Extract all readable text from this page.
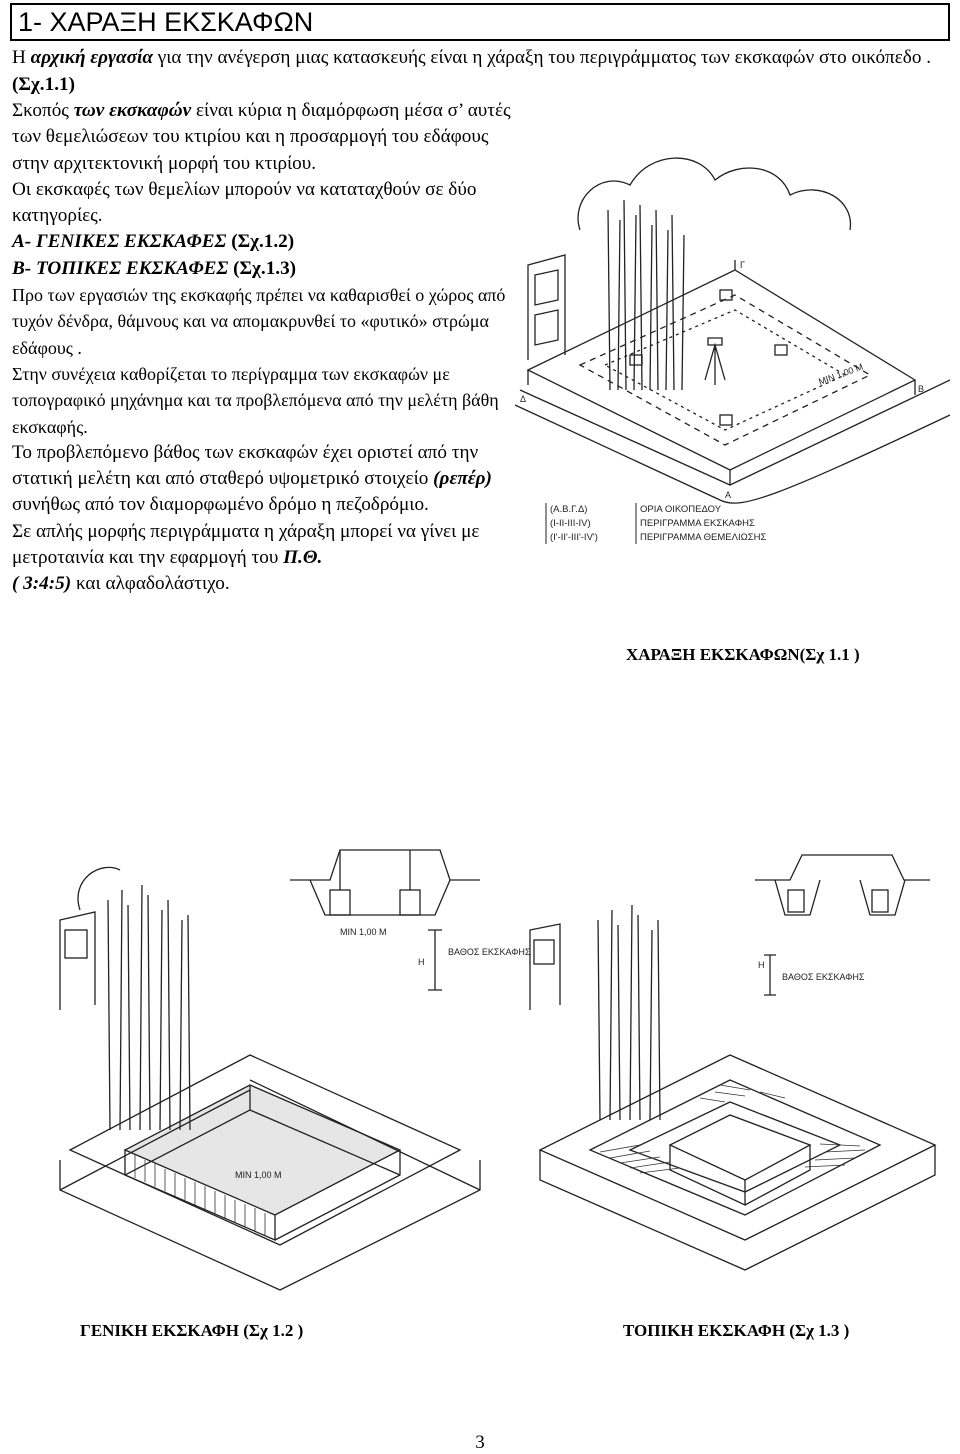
1- ΧΑΡΑΞΗ ΕΚΣΚΑΦΩΝ

Η αρχική εργασία για την ανέγερση μιας κατασκευής είναι η χάραξη του περιγράμματος των εκσκαφών στο οικόπεδο . (Σχ.1.1)

Σκοπός των εκσκαφών είναι κύρια η διαμόρφωση μέσα σ’ αυτές των θεμελιώσεων του κτιρίου και η προσαρμογή του εδάφους στην αρχιτεκτονική μορφή του κτιρίου.

Οι εκσκαφές των θεμελίων μπορούν να καταταχθούν σε δύο κατηγορίες.

Α- ΓΕΝΙΚΕΣ ΕΚΣΚΑΦΕΣ (Σχ.1.2)

Β- ΤΟΠΙΚΕΣ ΕΚΣΚΑΦΕΣ (Σχ.1.3)

Προ των εργασιών της εκσκαφής πρέπει να καθαρισθεί ο χώρος από τυχόν δένδρα, θάμνους και να απομακρυνθεί το «φυτικό» στρώμα εδάφους .

Στην συνέχεια καθορίζεται το περίγραμμα των εκσκαφών με τοπογραφικό μηχάνημα και τα προβλεπόμενα από την μελέτη βάθη εκσκαφής.

Το προβλεπόμενο βάθος των εκσκαφών έχει οριστεί από την στατική μελέτη και από σταθερό υψομετρικό στοιχείο (ρεπέρ) συνήθως από τον διαμορφωμένο δρόμο η πεζοδρόμιο.

Σε απλής μορφής περιγράμματα η χάραξη μπορεί να γίνει με μετροταινία και την εφαρμογή του Π.Θ.
( 3:4:5) και αλφαδολάστιχο.

Δ
Γ
Β
Α
ΜΙΝ 1,00 Μ
(Α.Β.Γ.Δ)	ΟΡΙΑ ΟΙΚΟΠΕΔΟΥ
(Ι-ΙΙ-ΙΙΙ-ΙV)	ΠΕΡΙΓΡΑΜΜΑ ΕΚΣΚΑΦΗΣ
(Ι'-ΙΙ'-ΙΙΙ'-ΙV')	ΠΕΡΙΓΡΑΜΜΑ ΘΕΜΕΛΙΩΣΗΣ
ΧΑΡΑΞΗ ΕΚΣΚΑΦΩΝ(Σχ 1.1 )
ΜΙΝ 1,00 Μ
ΒΑΘΟΣ ΕΚΣΚΑΦΗΣ
Η
ΜΙΝ 1,00 Μ
ΓΕΝΙΚΗ ΕΚΣΚΑΦΗ (Σχ 1.2 )
ΒΑΘΟΣ ΕΚΣΚΑΦΗΣ
Η
ΤΟΠΙΚΗ ΕΚΣΚΑΦΗ (Σχ 1.3 )
3
